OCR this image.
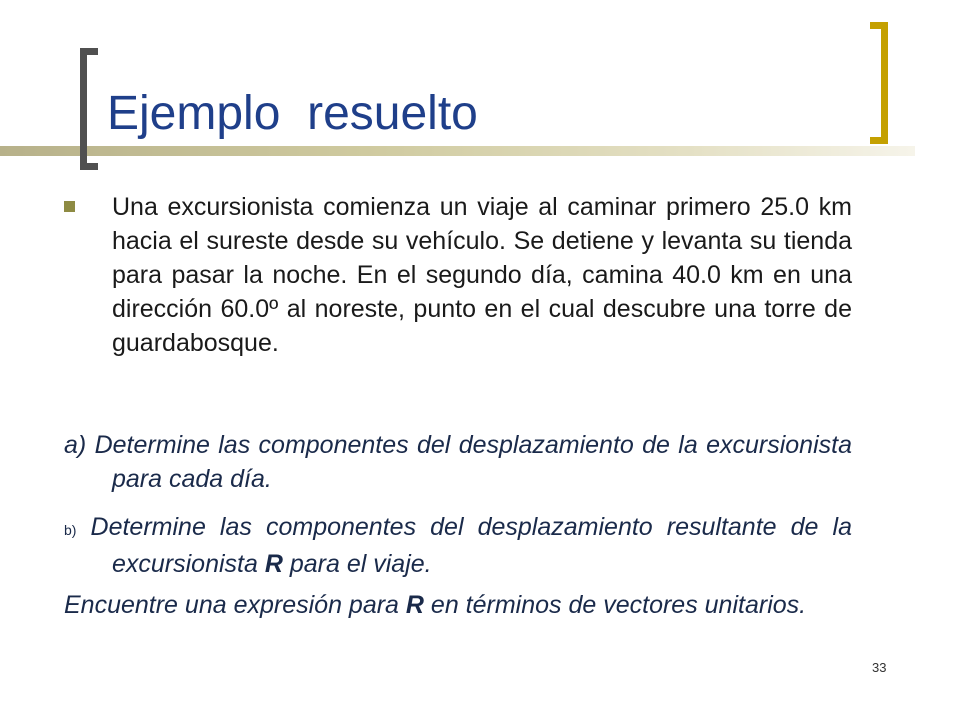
Ejemplo  resuelto

Una excursionista comienza un viaje al caminar primero 25.0 km hacia el sureste desde su vehículo. Se detiene y levanta su tienda para pasar la noche. En el segundo día, camina 40.0 km en una dirección 60.0º al noreste, punto en el cual descubre una torre de guardabosque.

a) Determine las componentes del desplazamiento de la excursionista para cada día.

b) Determine las componentes del desplazamiento resultante de la excursionista R para el viaje.

Encuentre una expresión para R en términos de vectores unitarios.

33
